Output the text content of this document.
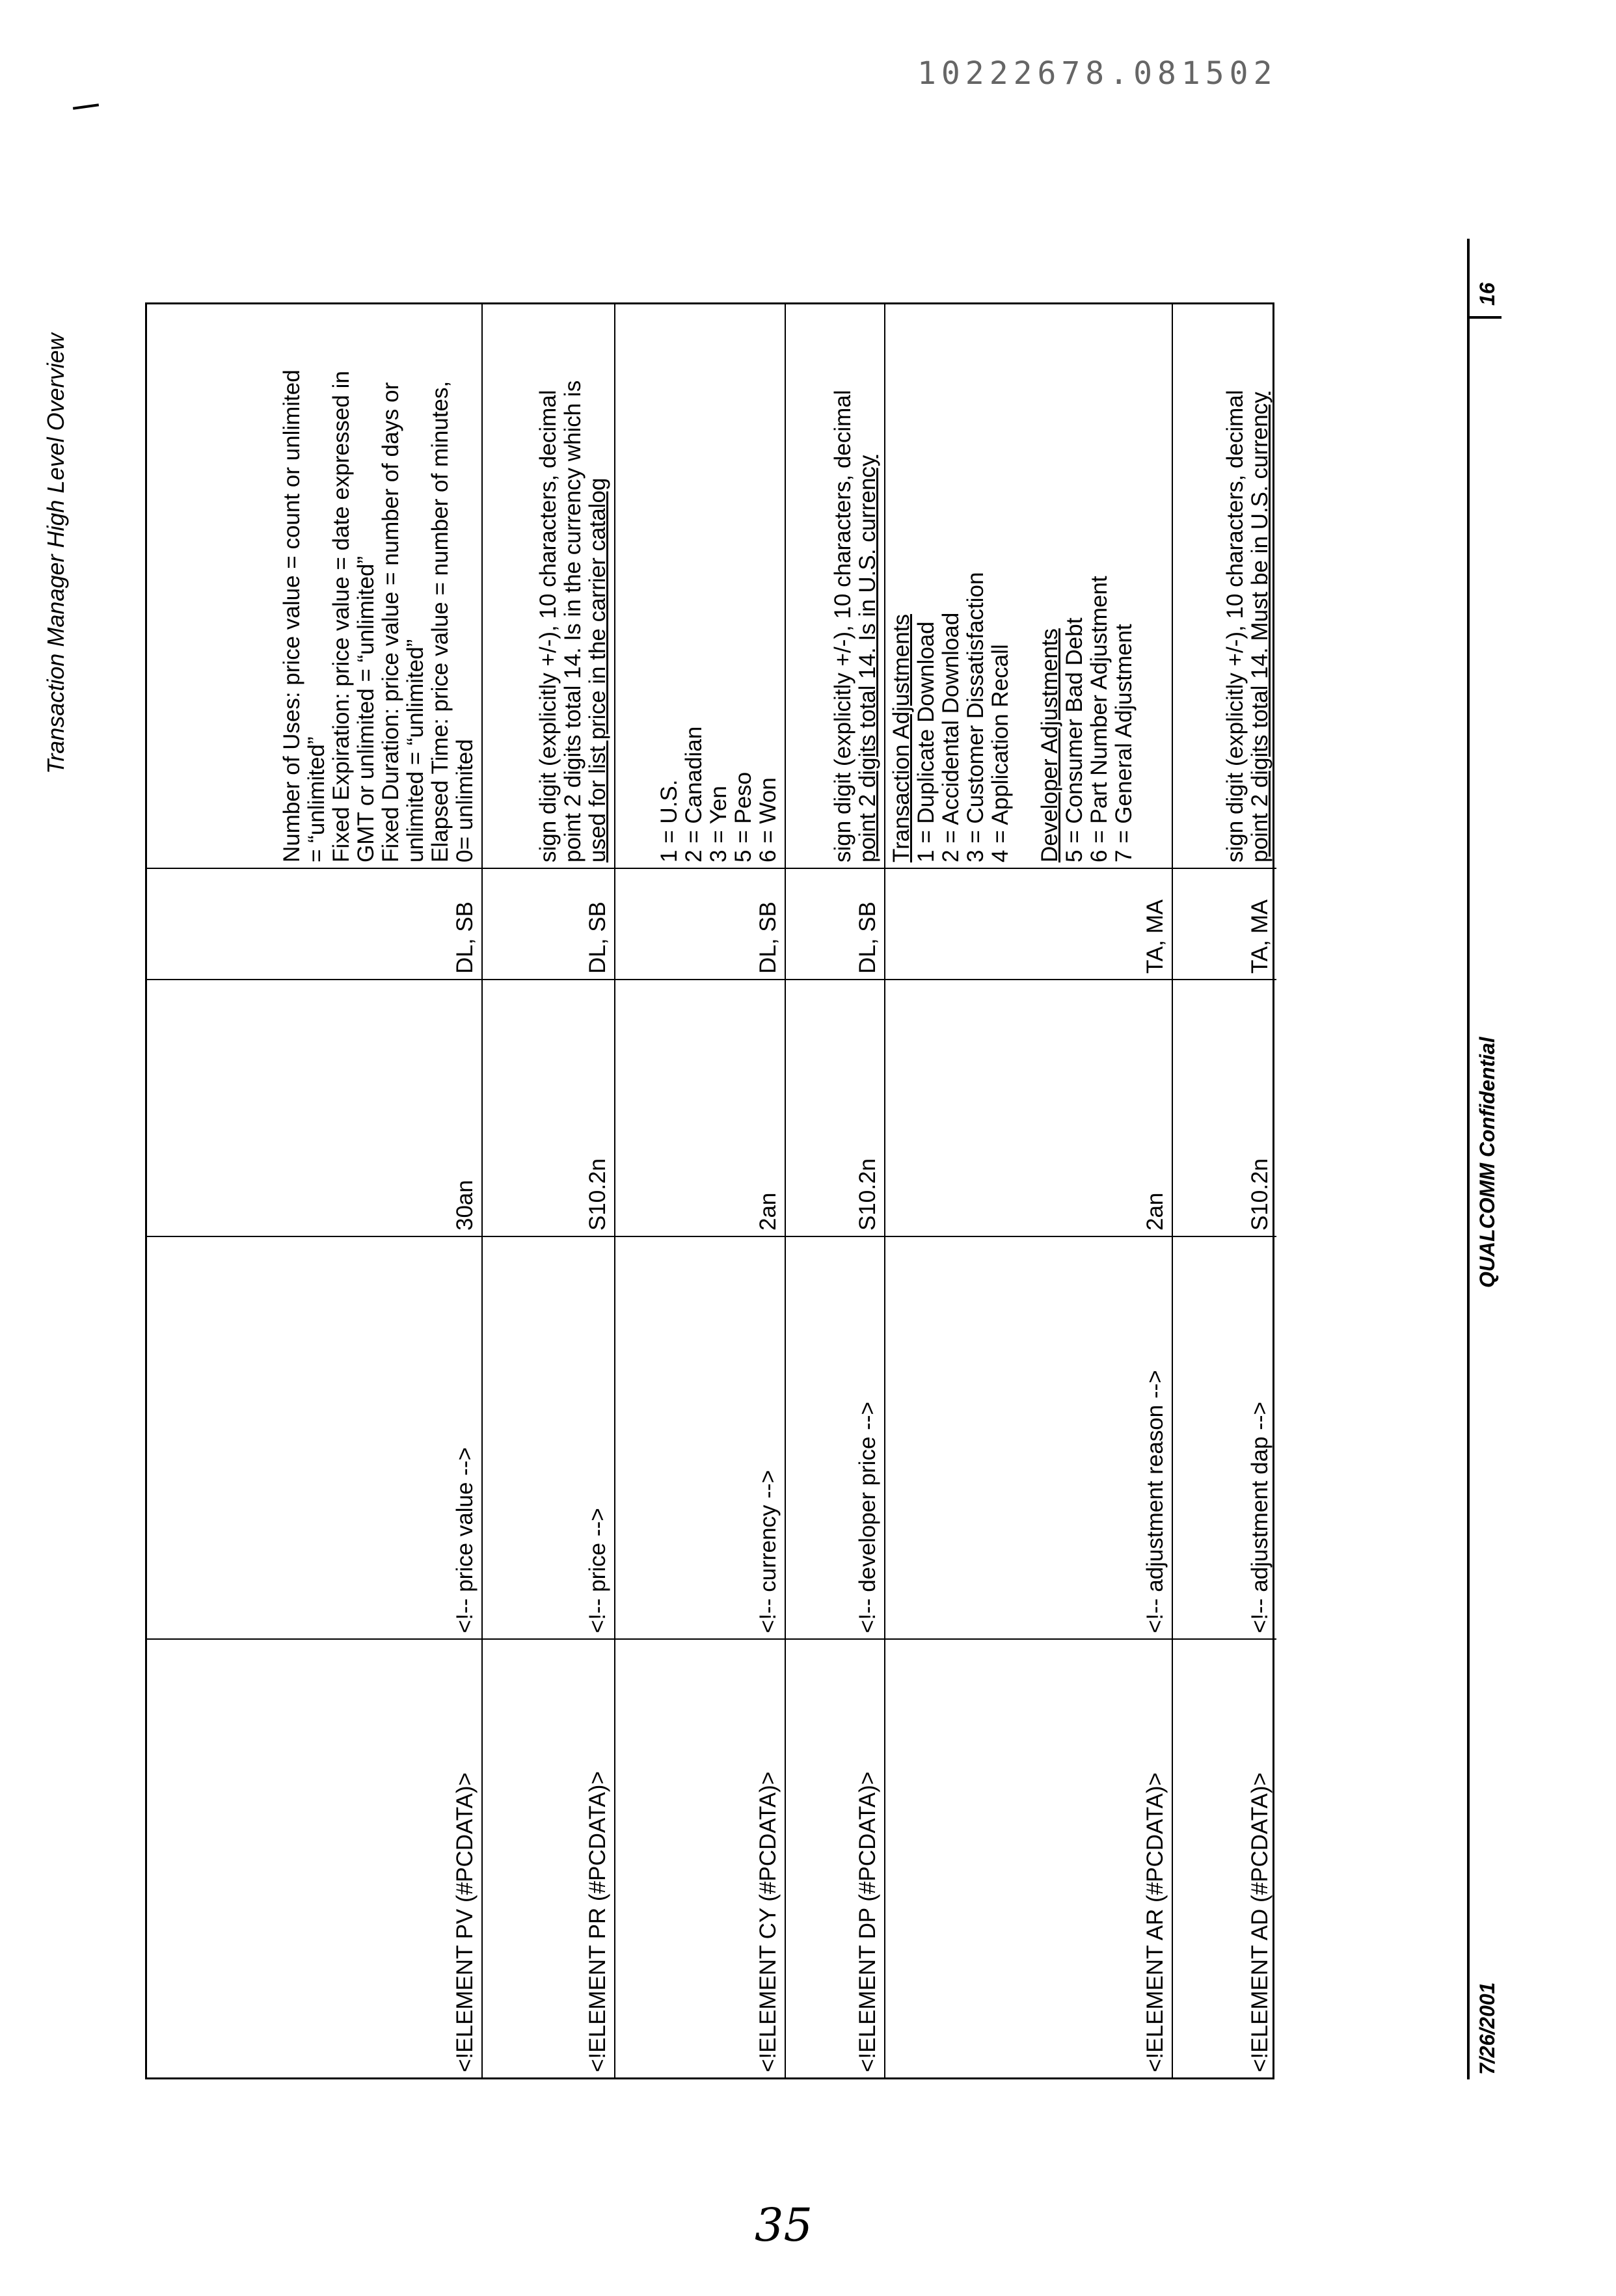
10222678.081502
35
Transaction Manager High Level Overview
<!ELEMENT PV (#PCDATA)>
<!-- price value -->
30an
DL, SB
Number of Uses: price value = count or unlimited = “unlimited” Fixed Expiration: price value = date expressed in GMT or unlimited = “unlimited” Fixed Duration: price value = number of days or unlimited = “unlimited” Elapsed Time: price value = number of minutes, 0= unlimited
<!ELEMENT PR (#PCDATA)>
<!-- price -->
S10.2n
DL, SB
sign digit (explicitly +/-), 10 characters, decimal point 2 digits total 14. Is in the currency which is used for list price in the carrier catalog
<!ELEMENT CY (#PCDATA)>
<!-- currency -->
2an
DL, SB
1 = U.S. 2 = Canadian 3 = Yen 5 = Peso 6 = Won
<!ELEMENT DP (#PCDATA)>
<!-- developer price -->
S10.2n
DL, SB
sign digit (explicitly +/-), 10 characters, decimal point 2 digits total 14. Is in U.S. currency
<!ELEMENT AR (#PCDATA)>
<!-- adjustment reason -->
2an
TA, MA
Transaction Adjustments 1 = Duplicate Download 2 = Accidental Download 3 = Customer Dissatisfaction 4 = Application Recall Developer Adjustments 5 = Consumer Bad Debt 6 = Part Number Adjustment 7 = General Adjustment
<!ELEMENT AD (#PCDATA)>
<!-- adjustment dap -->
S10.2n
TA, MA
sign digit (explicitly +/-), 10 characters, decimal point 2 digits total 14. Must be in U.S. currency
7/26/2001
QUALCOMM Confidential
16
